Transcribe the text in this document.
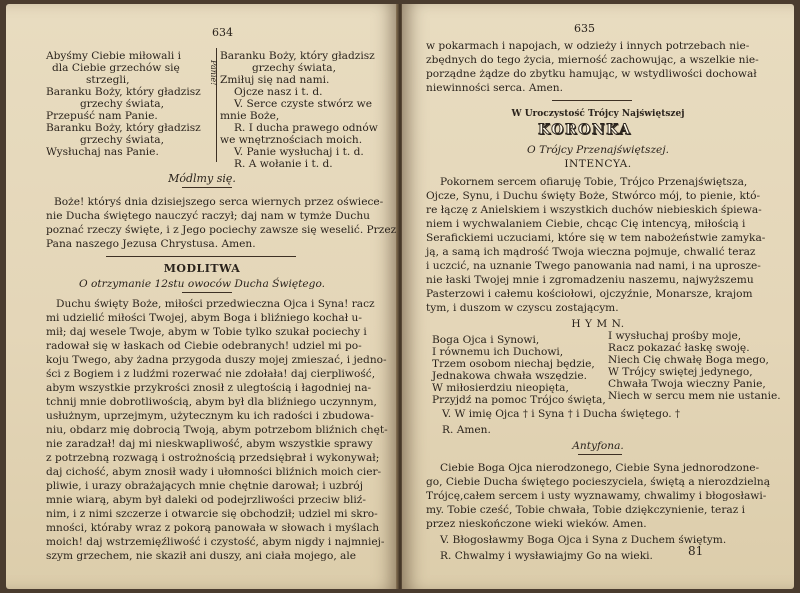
634
Abyśmy Ciebie miłowali i
dla Ciebie grzechów się
strzegli,
Baranku Boży, który gładzisz
grzechy świata,
Przepuść nam Panie.
Baranku Boży, który gładzisz
grzechy świata,
Wysłuchaj nas Panie.
Panie!
Baranku Boży, który gładzisz
grzechy świata,
Zmiłuj się nad nami.
Ojcze nasz i t. d.
V. Serce czyste stwórz we
mnie Boże,
R. I ducha prawego odnów
we wnętrznościach moich.
V. Panie wysłuchaj i t. d.
R. A wołanie i t. d.
Módlmy się.
Boże! któryś dnia dzisiejszego serca wiernych przez oświece-
nie Ducha świętego nauczyć raczył; daj nam w tymże Duchu
poznać rzeczy święte, i z Jego pociechy zawsze się weselić. Przez
Pana naszego Jezusa Chrystusa. Amen.
MODLITWA
O otrzymanie 12stu owoców Ducha Świętego.
Duchu święty Boże, miłości przedwieczna Ojca i Syna! racz
mi udzielić miłości Twojej, abym Boga i bliźniego kochał u-
mił; daj wesele Twoje, abym w Tobie tylko szukał pociechy i
radował się w łaskach od Ciebie odebranych! udziel mi po-
koju Twego, aby żadna przygoda duszy mojej zmieszać, i jedno-
ści z Bogiem i z ludźmi rozerwać nie zdołała! daj cierpliwość,
abym wszystkie przykrości znosił z ulegtością i łagodniej na-
tchnij mnie dobrotliwością, abym był dla bliźniego uczynnym,
usłużnym, uprzejmym, użytecznym ku ich radości i zbudowa-
niu, obdarz mię dobrocią Twoją, abym potrzebom bliźnich chęt-
nie zaradzał! daj mi nieskwapliwość, abym wszystkie sprawy
z potrzebną rozwagą i ostrożnością przedsiębrał i wykonywał;
daj cichość, abym znosił wady i ułomności bliźnich moich cier-
pliwie, i urazy obrażających mnie chętnie darował; i uzbrój
mnie wiarą, abym był daleki od podejrzliwości przeciw bliź-
nim, i z nimi szczerze i otwarcie się obchodził; udziel mi skro-
mności, któraby wraz z pokorą panowała w słowach i myślach
moich! daj wstrzemięźliwość i czystość, abym nigdy i najmniej-
szym grzechem, nie skaził ani duszy, ani ciała mojego, ale
635
w pokarmach i napojach, w odzieży i innych potrzebach nie-
zbędnych do tego życia, mierność zachowując, a wszelkie nie-
porządne żądze do zbytku hamując, w wstydliwości dochował
niewinności serca. Amen.
W Uroczystość Trójcy Najświętszej
KORONKA
O Trójcy Przenajświętszej.
INTENCYA.
Pokornem sercem ofiaruję Tobie, Trójco Przenajświętsza,
Ojcze, Synu, i Duchu święty Boże, Stwórco mój, to pienie, któ-
re łączę z Anielskiem i wszystkich duchów niebieskich śpiewa-
niem i wychwalaniem Ciebie, chcąc Cię intencyą, miłością i
Serafickiemi uczuciami, które się w tem nabożeństwie zamyka-
ją, a samą ich mądrość Twoja wieczna pojmuje, chwalić teraz
i uczcić, na uznanie Twego panowania nad nami, i na uprosze-
nie łaski Twojej mnie i zgromadzeniu naszemu, najwyższemu
Pasterzowi i całemu kościołowi, ojczyźnie, Monarsze, krajom
tym, i duszom w czyscu zostającym.
H Y M N.
Boga Ojca i Synowi,
I równemu ich Duchowi,
Trzem osobom niechaj będzie,
Jednakowa chwała wszędzie.
W miłosierdziu nieopięta,
Przyjdź na pomoc Trójco święta,
I wysłuchaj prośby moje,
Racz pokazać łaskę swoję.
Niech Cię chwałę Boga mego,
W Trójcy swiętej jedynego,
Chwała Twoja wieczny Panie,
Niech w sercu mem nie ustanie.
V. W imię Ojca † i Syna † i Ducha świętego. †
R. Amen.
Antyfona.
Ciebie Boga Ojca nierodzonego, Ciebie Syna jednorodzone-
go, Ciebie Ducha świętego pocieszyciela, świętą a nierozdzielną
Trójcę,całem sercem i usty wyznawamy, chwalimy i błogosławi-
my. Tobie cześć, Tobie chwała, Tobie dziękczynienie, teraz i
przez nieskończone wieki wieków. Amen.
V. Błogosławmy Boga Ojca i Syna z Duchem świętym.
R. Chwalmy i wysławiajmy Go na wieki.	81
